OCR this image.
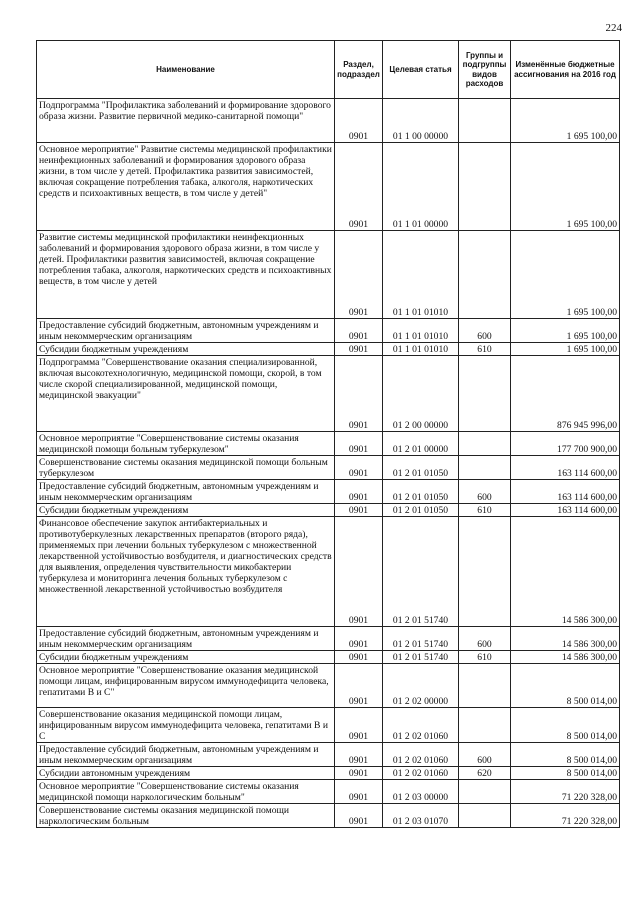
224
Наименование	Раздел, подраздел	Целевая статья	Группы и подгруппы видов расходов	Изменённые бюджетные ассигнования на 2016 год
Подпрограмма "Профилактика заболеваний и формирование здорового образа жизни. Развитие первичной медико-санитарной помощи"	0901	01 1 00 00000		1 695 100,00
Основное мероприятие" Развитие системы медицинской профилактики неинфекционных заболеваний и формирования здорового образа жизни, в том числе у детей. Профилактика развития зависимостей, включая сокращение потребления табака, алкоголя, наркотических средств и психоактивных веществ, в том числе у детей"	0901	01 1 01 00000		1 695 100,00
Развитие системы медицинской профилактики неинфекционных заболеваний и формирования здорового образа жизни, в том числе у детей. Профилактики развития зависимостей, включая сокращение потребления табака, алкоголя, наркотических средств и психоактивных веществ, в том числе у детей	0901	01 1 01 01010		1 695 100,00
Предоставление субсидий бюджетным, автономным учреждениям и иным некоммерческим организациям	0901	01 1 01 01010	600	1 695 100,00
Субсидии бюджетным учреждениям	0901	01 1 01 01010	610	1 695 100,00
Подпрограмма "Совершенствование оказания специализированной, включая высокотехнологичную, медицинской помощи, скорой, в том числе скорой специализированной, медицинской помощи, медицинской эвакуации"	0901	01 2 00 00000		876 945 996,00
Основное мероприятие "Совершенствование системы оказания медицинской помощи больным туберкулезом"	0901	01 2 01 00000		177 700 900,00
Совершенствование системы оказания медицинской помощи больным туберкулезом	0901	01 2 01 01050		163 114 600,00
Предоставление субсидий бюджетным, автономным учреждениям и иным некоммерческим организациям	0901	01 2 01 01050	600	163 114 600,00
Субсидии бюджетным учреждениям	0901	01 2 01 01050	610	163 114 600,00
Финансовое обеспечение закупок антибактериальных и противотуберкулезных лекарственных препаратов (второго ряда), применяемых при лечении больных туберкулезом с множественной лекарственной устойчивостью возбудителя, и диагностических средств для выявления, определения чувствительности микобактерии туберкулеза и мониторинга лечения больных туберкулезом с множественной лекарственной устойчивостью возбудителя	0901	01 2 01 51740		14 586 300,00
Предоставление субсидий бюджетным, автономным учреждениям и иным некоммерческим организациям	0901	01 2 01 51740	600	14 586 300,00
Субсидии бюджетным учреждениям	0901	01 2 01 51740	610	14 586 300,00
Основное мероприятие "Совершенствование оказания медицинской помощи лицам, инфицированным вирусом иммунодефицита человека, гепатитами В и С"	0901	01 2 02 00000		8 500 014,00
Совершенствование оказания медицинской помощи лицам, инфицированным вирусом иммунодефицита человека, гепатитами В и С	0901	01 2 02 01060		8 500 014,00
Предоставление субсидий бюджетным, автономным учреждениям и иным некоммерческим организациям	0901	01 2 02 01060	600	8 500 014,00
Субсидии автономным учреждениям	0901	01 2 02 01060	620	8 500 014,00
Основное мероприятие "Совершенствование системы оказания медицинской помощи наркологическим больным"	0901	01 2 03 00000		71 220 328,00
Совершенствование системы оказания медицинской помощи наркологическим больным	0901	01 2 03 01070		71 220 328,00
